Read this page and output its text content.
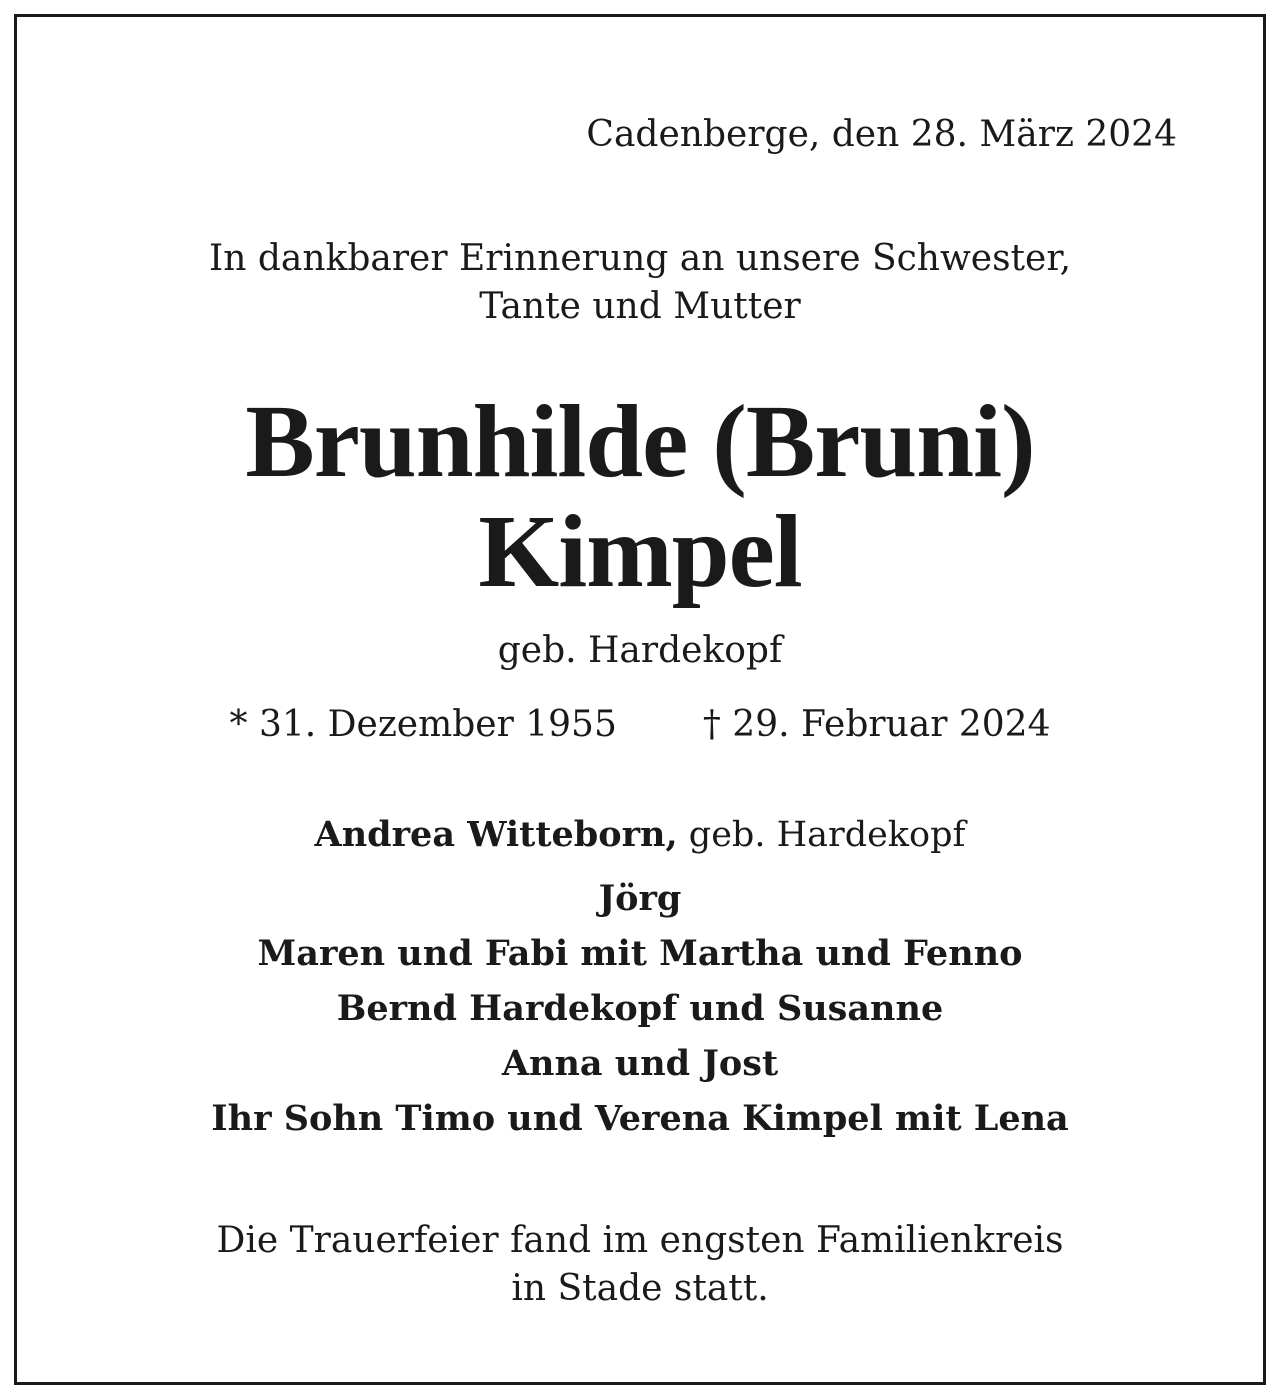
Cadenberge, den 28. März 2024
In dankbarer Erinnerung an unsere Schwester,
Tante und Mutter
Brunhilde (Bruni)
Kimpel
geb. Hardekopf
* 31. Dezember 1955 † 29. Februar 2024
Andrea Witteborn, geb. Hardekopf
Jörg
Maren und Fabi mit Martha und Fenno
Bernd Hardekopf und Susanne
Anna und Jost
Ihr Sohn Timo und Verena Kimpel mit Lena
Die Trauerfeier fand im engsten Familienkreis
in Stade statt.
